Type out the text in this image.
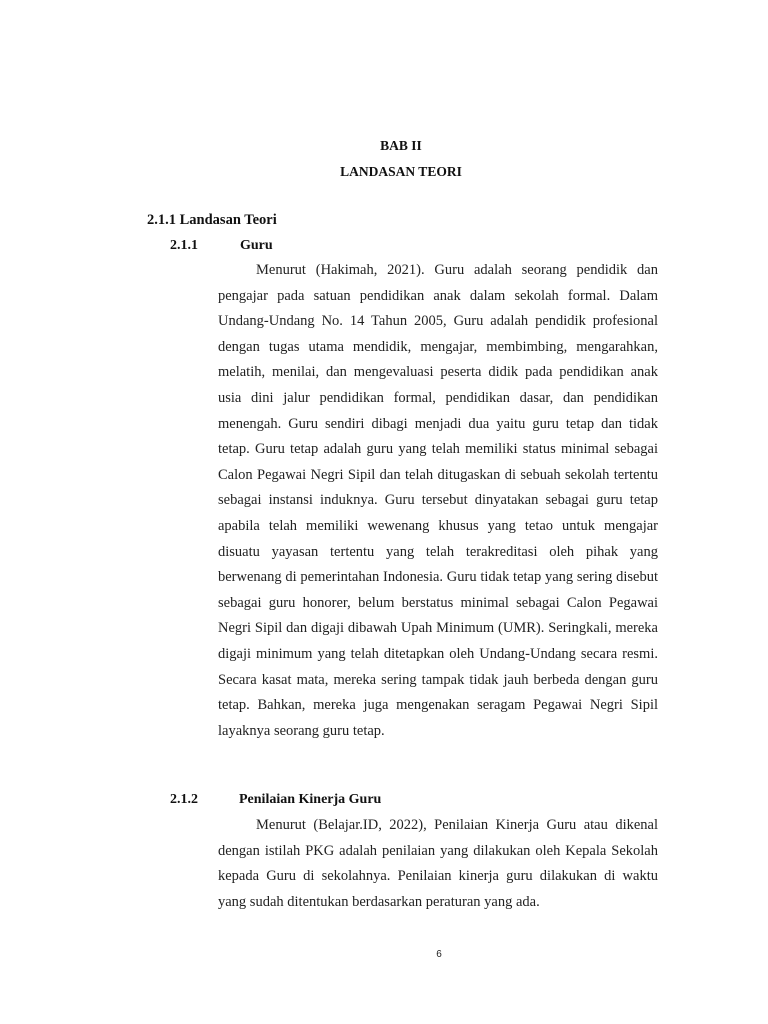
BAB II
LANDASAN TEORI
2.1.1 Landasan Teori
2.1.1	Guru

Menurut (Hakimah, 2021). Guru adalah seorang pendidik dan pengajar pada satuan pendidikan anak dalam sekolah formal. Dalam Undang-Undang No. 14 Tahun 2005, Guru adalah pendidik profesional dengan tugas utama mendidik, mengajar, membimbing, mengarahkan, melatih, menilai, dan mengevaluasi peserta didik pada pendidikan anak usia dini jalur pendidikan formal, pendidikan dasar, dan pendidikan menengah. Guru sendiri dibagi menjadi dua yaitu guru tetap dan tidak tetap. Guru tetap adalah guru yang telah memiliki status minimal sebagai Calon Pegawai Negri Sipil dan telah ditugaskan di sebuah sekolah tertentu sebagai instansi induknya. Guru tersebut dinyatakan sebagai guru tetap apabila telah memiliki wewenang khusus yang tetao untuk mengajar disuatu yayasan tertentu yang telah terakreditasi oleh pihak yang berwenang di pemerintahan Indonesia. Guru tidak tetap yang sering disebut sebagai guru honorer, belum berstatus minimal sebagai Calon Pegawai Negri Sipil dan digaji dibawah Upah Minimum (UMR). Seringkali, mereka digaji minimum yang telah ditetapkan oleh Undang-Undang secara resmi. Secara kasat mata, mereka sering tampak tidak jauh berbeda dengan guru tetap. Bahkan, mereka juga mengenakan seragam Pegawai Negri Sipil layaknya seorang guru tetap.

2.1.2	Penilaian Kinerja Guru

Menurut (Belajar.ID, 2022), Penilaian Kinerja Guru atau dikenal dengan istilah PKG adalah penilaian yang dilakukan oleh Kepala Sekolah kepada Guru di sekolahnya. Penilaian kinerja guru dilakukan di waktu yang sudah ditentukan berdasarkan peraturan yang ada.

6
